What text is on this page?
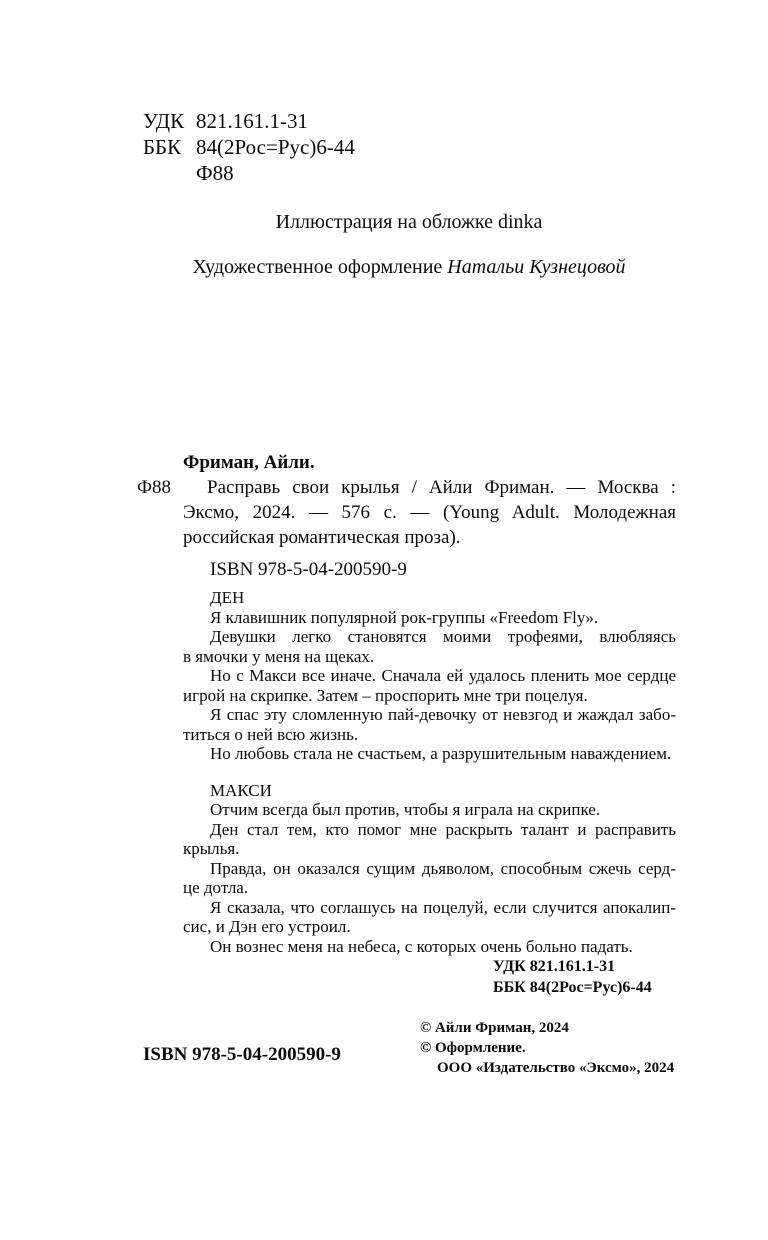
УДК 821.161.1-31
ББК 84(2Рос=Рус)6-44
Ф88
Иллюстрация на обложке dinka
Художественное оформление Натальи Кузнецовой
Фриман, Айли.
Ф88	Расправь свои крылья / Айли Фриман. — Москва :
Эксмо, 2024. — 576 с. — (Young Adult. Молодежная
российская романтическая проза).
ISBN 978-5-04-200590-9
ДЕН
Я клавишник популярной рок-группы «Freedom Fly».
Девушки легко становятся моими трофеями, влюбляясь
в ямочки у меня на щеках.
Но с Макси все иначе. Сначала ей удалось пленить мое сердце
игрой на скрипке. Затем – проспорить мне три поцелуя.
Я спас эту сломленную пай-девочку от невзгод и жаждал забо-
титься о ней всю жизнь.
Но любовь стала не счастьем, а разрушительным наваждением.
МАКСИ
Отчим всегда был против, чтобы я играла на скрипке.
Ден стал тем, кто помог мне раскрыть талант и расправить
крылья.
Правда, он оказался сущим дьяволом, способным сжечь серд-
це дотла.
Я сказала, что соглашусь на поцелуй, если случится апокалип-
сис, и Дэн его устроил.
Он вознес меня на небеса, с которых очень больно падать.
УДК 821.161.1-31
ББК 84(2Рос=Рус)6-44
© Айли Фриман, 2024
© Оформление.
ООО «Издательство «Эксмо», 2024
ISBN 978-5-04-200590-9
